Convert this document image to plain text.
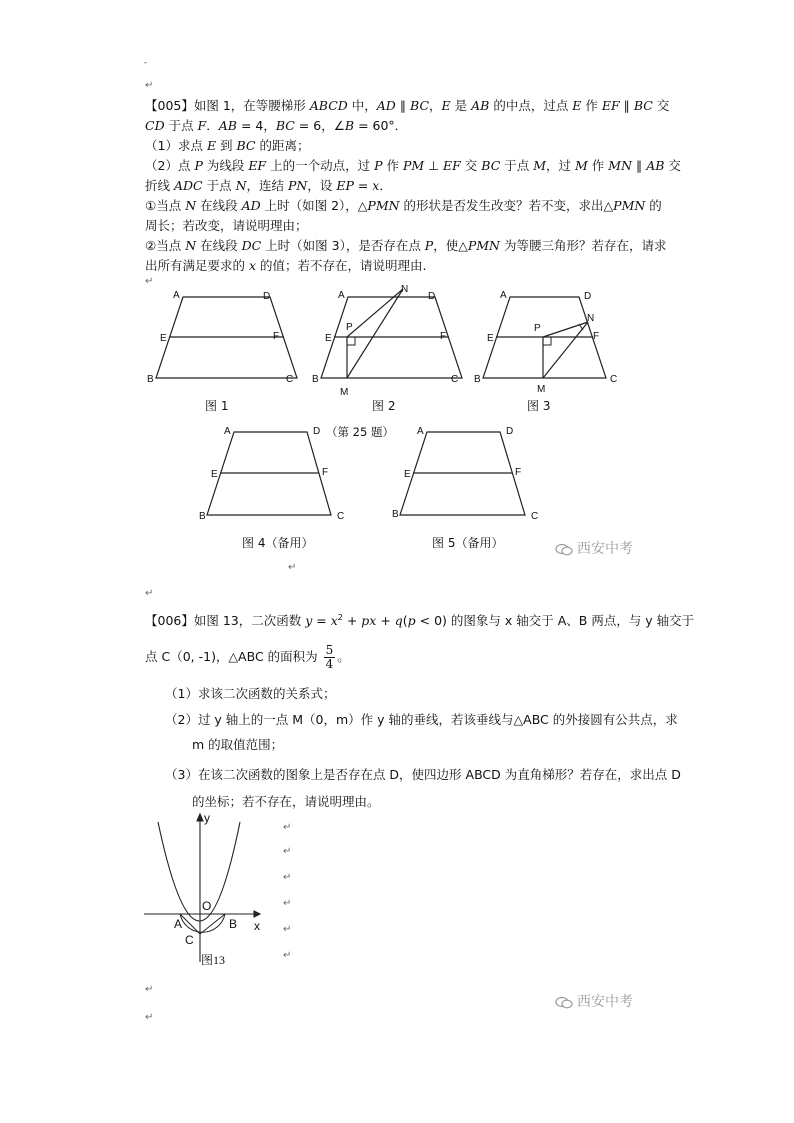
ˉ
↵
【005】如图 1，在等腰梯形 ABCD 中，AD ∥ BC，E 是 AB 的中点，过点 E 作 EF ∥ BC 交
CD 于点 F．AB = 4，BC = 6，∠B = 60°．
（1）求点 E 到 BC 的距离；
（2）点 P 为线段 EF 上的一个动点，过 P 作 PM ⊥ EF 交 BC 于点 M，过 M 作 MN ∥ AB 交
折线 ADC 于点 N，连结 PN，设 EP = x．
①当点 N 在线段 AD 上时（如图 2），△PMN 的形状是否发生改变？若不变，求出△PMN 的
周长；若改变，请说明理由；
②当点 N 在线段 DC 上时（如图 3），是否存在点 P，使△PMN 为等腰三角形？若存在，请求
出所有满足要求的 x 的值；若不存在，请说明理由.
↵
A	D
E	F
B	C
A	D
N
P
E	F
B	C
M
A	D
N
P
E	F
B	C
M
A	D
E	F
B	C
A	D
E	F
B	C
图 1	图 2	图 3
（第 25 题）
图 4（备用）	图 5（备用）	西安中考
↵
↵
【006】如图 13，二次函数 $y = x^2$ + px + q(p < 0) 的图象与 x 轴交于 A、B 两点，与 y 轴交于
点 C（0, -1)，△ABC 的面积为 $\frac{5}{4}$ 。
（1）求该二次函数的关系式；
（2）过 y 轴上的一点 M（0，m）作 y 轴的垂线，若该垂线与△ABC 的外接圆有公共点，求
m 的取值范围；
（3）在该二次函数的图象上是否存在点 D，使四边形 ABCD 为直角梯形？若存在，求出点 D
的坐标；若不存在，请说明理由。
y
x
O
A	B
C
图13
↵
↵
↵
↵
↵
↵
↵
↵
西安中考
